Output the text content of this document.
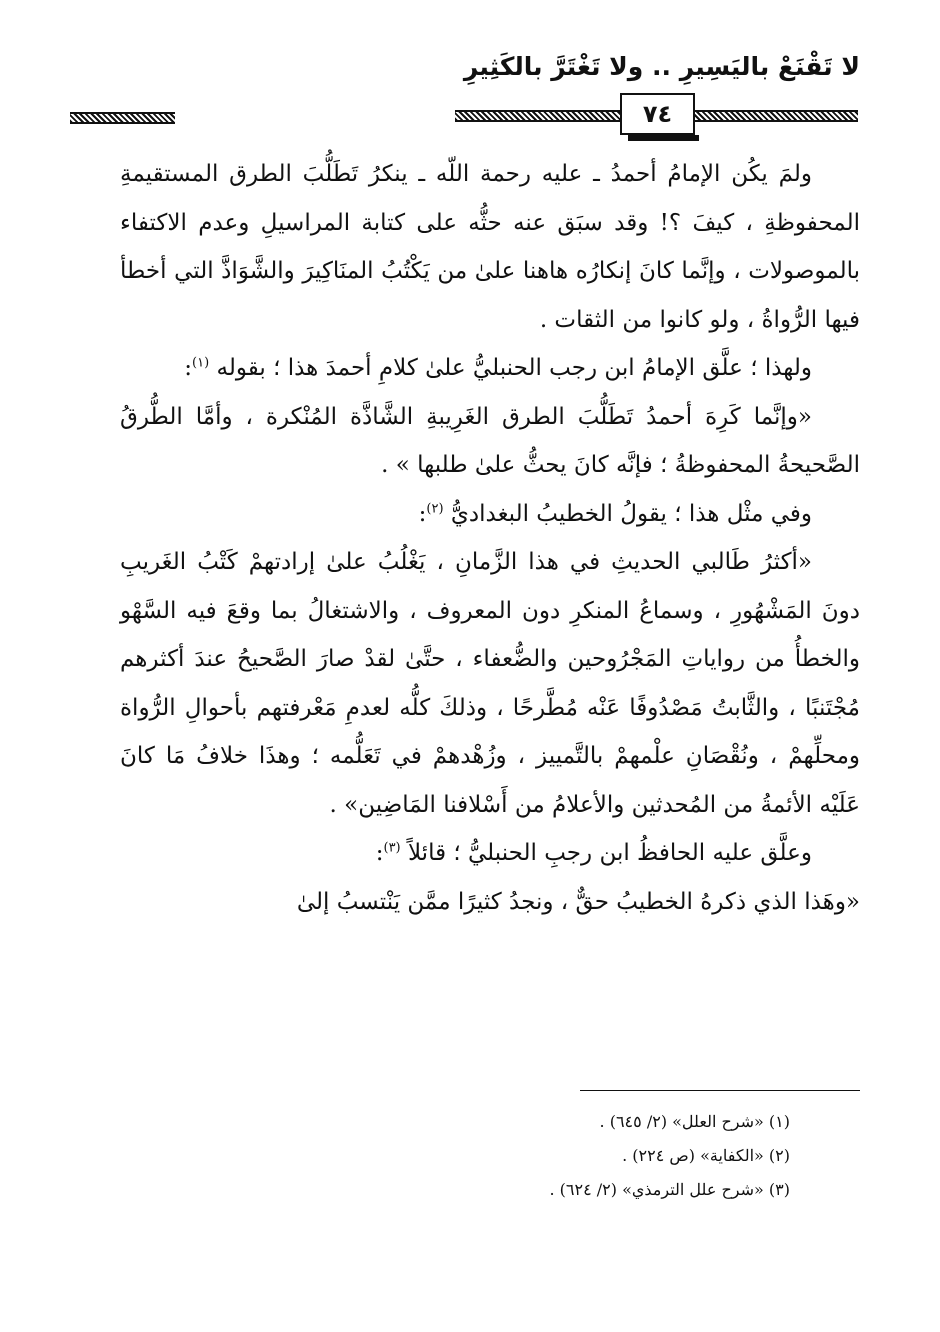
لا تَقْنَعْ باليَسِيرِ .. ولا تَغْتَرَّ بالكَثِيرِ
٧٤

ولمَ يكُن الإمامُ أحمدُ ـ عليه رحمة اللّه ـ ينكرُ تَطَلُّبَ الطرق المستقيمةِ المحفوظةِ ، كيفَ ؟! وقد سبَق عنه حثُّه على كتابة المراسيلِ وعدم الاكتفاء بالموصولات ، وإنَّما كانَ إنكارُه هاهنا علىٰ من يَكْتُبُ المنَاكِيرَ والشَّوَاذَّ التي أخطأ فيها الرُّواةُ ، ولو كانوا من الثقات .

ولهذا ؛ علَّق الإمامُ ابن رجب الحنبليُّ علىٰ كلامِ أحمدَ هذا ؛ بقوله $^{(١)}$:

«وإنَّما كَرِهَ أحمدُ تَطَلُّبَ الطرق الغَرِيبةِ الشَّاذَّة المُنْكرة ، وأمَّا الطُّرقُ الصَّحيحةُ المحفوظةُ ؛ فإنَّه كانَ يحثُّ علىٰ طلبها » .

وفي مثْل هذا ؛ يقولُ الخطيبُ البغداديُّ $^{(٢)}$:

«أكثرُ طَالبي الحديثِ في هذا الزَّمانِ ، يَغْلُبُ علىٰ إرادتهمْ كَتْبُ الغَريبِ دونَ المَشْهُورِ ، وسماعُ المنكرِ دون المعروف ، والاشتغالُ بما وقعَ فيه السَّهْو والخطأُ من رواياتِ المَجْرُوحين والضُّعفاء ، حتَّىٰ لقدْ صارَ الصَّحيحُ عندَ أكثرهم مُجْتَنبًا ، والثَّابتُ مَصْدُوفًا عَنْه مُطَّرحًا ، وذلكَ كلُّه لعدمِ مَعْرفتهم بأحوالِ الرُّواة ومحلِّهمْ ، ونُقْصَانِ علْمهمْ بالتَّمييز ، وزُهْدهمْ في تَعَلُّمه ؛ وهذَا خلافُ مَا كانَ عَلَيْه الأئمةُ من المُحدثين والأعلامُ من أَسْلافنا المَاضِين» .

وعلَّق عليه الحافظُ ابن رجبِ الحنبليُّ ؛ قائلاً $^{(٣)}$:

«وهَذا الذي ذكرهُ الخطيبُ حقٌّ ، ونجدُ كثيرًا ممَّن يَنْتسبُ إلىٰ

(١) «شرح العلل» (٢/ ٦٤٥) .
(٢) «الكفاية» (ص ٢٢٤) .
(٣) «شرح علل الترمذي» (٢/ ٦٢٤) .
